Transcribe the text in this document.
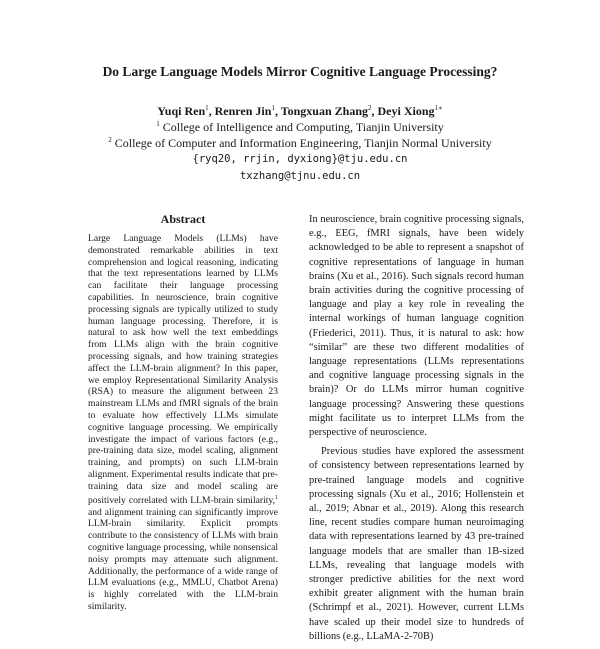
Do Large Language Models Mirror Cognitive Language Processing?
Yuqi Ren$^1$, Renren Jin$^1$, Tongxuan Zhang$^2$, Deyi Xiong$^{1∗}$
$^1$ College of Intelligence and Computing, Tianjin University
$^2$ College of Computer and Information Engineering, Tianjin Normal University
{ryq20, rrjin, dyxiong}@tju.edu.cn
txzhang@tjnu.edu.cn
Abstract
Large Language Models (LLMs) have demonstrated remarkable abilities in text comprehension and logical reasoning, indicating that the text representations learned by LLMs can facilitate their language processing capabilities. In neuroscience, brain cognitive processing signals are typically utilized to study human language processing. Therefore, it is natural to ask how well the text embeddings from LLMs align with the brain cognitive processing signals, and how training strategies affect the LLM-brain alignment? In this paper, we employ Representational Similarity Analysis (RSA) to measure the alignment between 23 mainstream LLMs and fMRI signals of the brain to evaluate how effectively LLMs simulate cognitive language processing. We empirically investigate the impact of various factors (e.g., pre-training data size, model scaling, alignment training, and prompts) on such LLM-brain alignment. Experimental results indicate that pre-training data size and model scaling are positively correlated with LLM-brain similarity,$^1$ and alignment training can significantly improve LLM-brain similarity. Explicit prompts contribute to the consistency of LLMs with brain cognitive language processing, while nonsensical noisy prompts may attenuate such alignment. Additionally, the performance of a wide range of LLM evaluations (e.g., MMLU, Chatbot Arena) is highly correlated with the LLM-brain similarity.

In neuroscience, brain cognitive processing signals, e.g., EEG, fMRI signals, have been widely acknowledged to be able to represent a snapshot of cognitive representations of language in human brains (Xu et al., 2016). Such signals record human brain activities during the cognitive processing of language and play a key role in revealing the internal workings of human language cognition (Friederici, 2011). Thus, it is natural to ask: how “similar” are these two different modalities of language representations (LLMs representations and cognitive language processing signals in the brain)? Or do LLMs mirror human cognitive language processing? Answering these questions might facilitate us to interpret LLMs from the perspective of neuroscience.

Previous studies have explored the assessment of consistency between representations learned by pre-trained language models and cognitive processing signals (Xu et al., 2016; Hollenstein et al., 2019; Abnar et al., 2019). Along this research line, recent studies compare human neuroimaging data with representations learned by 43 pre-trained language models that are smaller than 1B-sized LLMs, revealing that language models with stronger predictive abilities for the next word exhibit greater alignment with the human brain (Schrimpf et al., 2021). However, current LLMs have scaled up their model size to hundreds of billions (e.g., LLaMA-2-70B)
